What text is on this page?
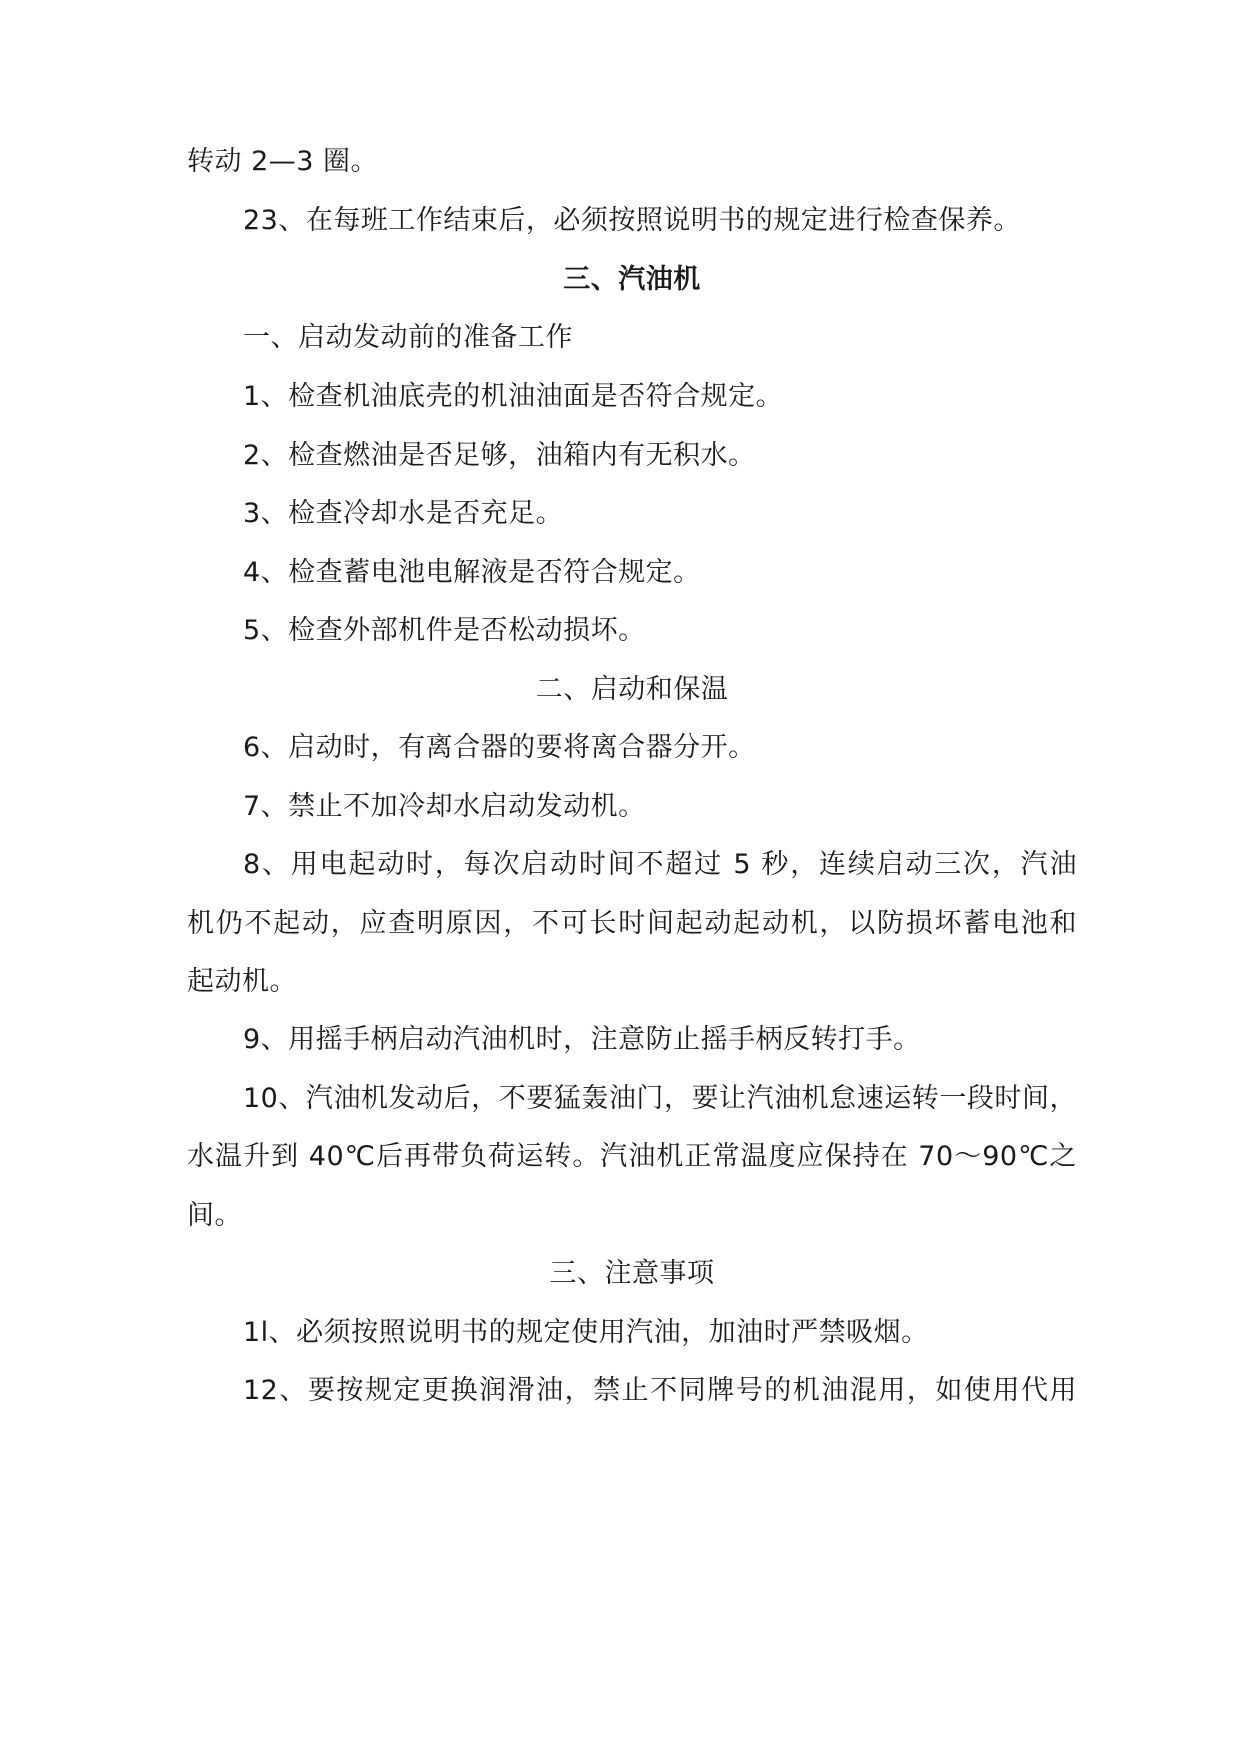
转动 2—3 圈。
23、在每班工作结束后，必须按照说明书的规定进行检查保养。
三、汽油机
一、启动发动前的准备工作
1、检查机油底壳的机油油面是否符合规定。
2、检查燃油是否足够，油箱内有无积水。
3、检查冷却水是否充足。
4、检查蓄电池电解液是否符合规定。
5、检查外部机件是否松动损坏。
二、启动和保温
6、启动时，有离合器的要将离合器分开。
7、禁止不加冷却水启动发动机。
8、用电起动时，每次启动时间不超过 5 秒，连续启动三次，汽油
机仍不起动，应查明原因，不可长时间起动起动机，以防损坏蓄电池和
起动机。
9、用摇手柄启动汽油机时，注意防止摇手柄反转打手。
10、汽油机发动后，不要猛轰油门，要让汽油机怠速运转一段时间，
水温升到 40℃后再带负荷运转。汽油机正常温度应保持在 70～90℃之
间。
三、注意事项
1l、必须按照说明书的规定使用汽油，加油时严禁吸烟。
12、要按规定更换润滑油，禁止不同牌号的机油混用，如使用代用
